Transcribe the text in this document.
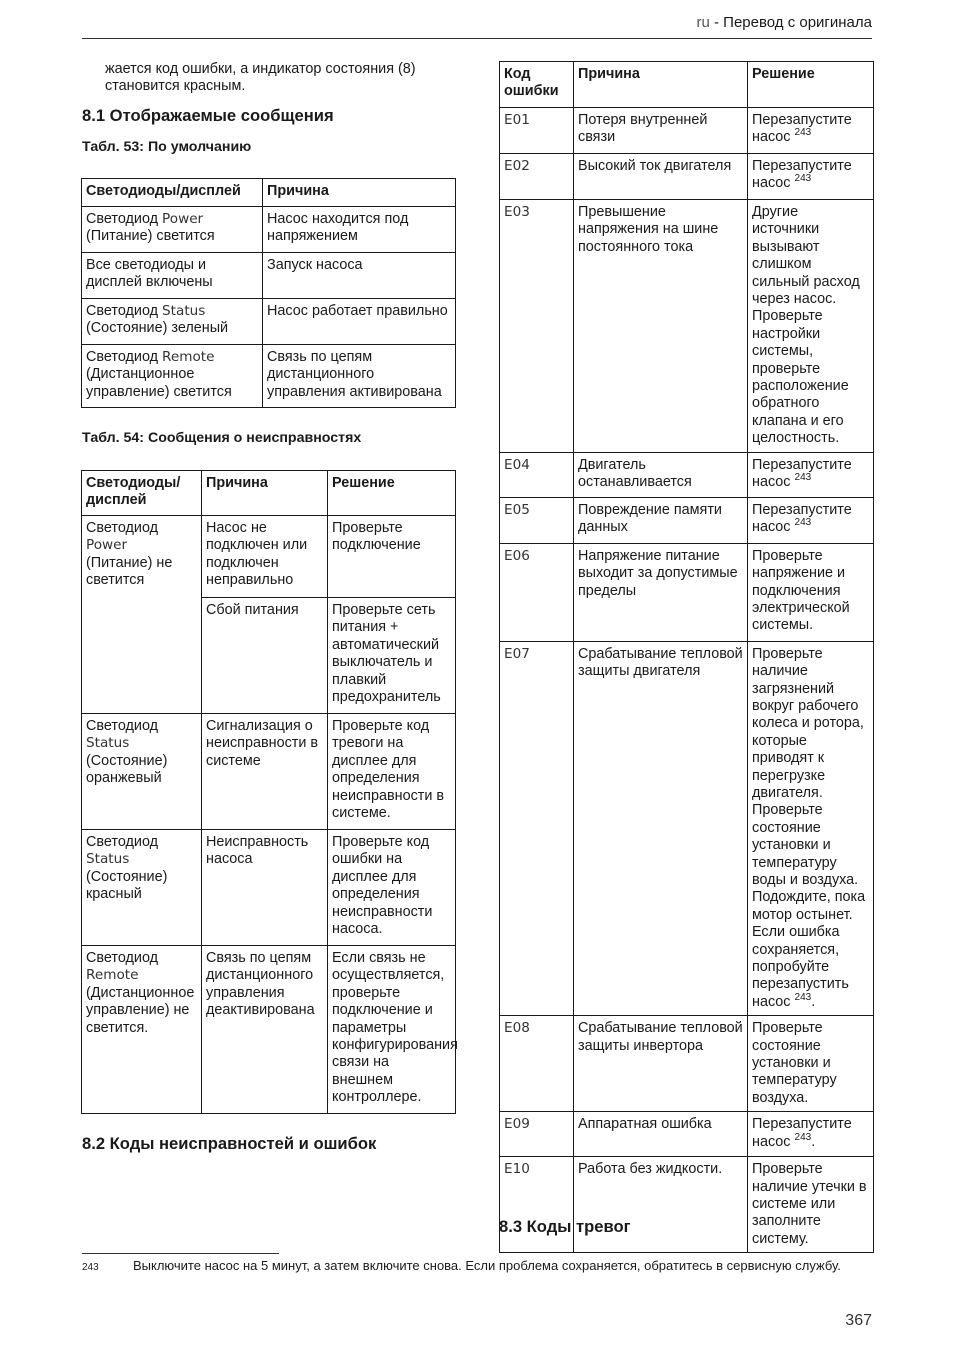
ru - Перевод с оригинала
жается код ошибки, а индикатор состояния (8) становится красным.
8.1 Отображаемые сообщения
Табл. 53: По умолчанию
Светодиоды/дисплей	Причина
Светодиод Power (Питание) светится	Насос находится под напряжением
Все светодиоды и дисплей включены	Запуск насоса
Светодиод Status (Состояние) зеленый	Насос работает правильно
Светодиод Remote (Дистанционное управление) светится	Связь по цепям дистанционного управления активирована
Табл. 54: Сообщения о неисправностях
Светодиоды/ дисплей	Причина	Решение
Светодиод Power (Питание) не светится	Насос не подключен или подключен неправильно	Проверьте подключение
	Сбой питания	Проверьте сеть питания + автоматический выключатель и плавкий предохранитель
Светодиод Status (Состояние) оранжевый	Сигнализация о неисправности в системе	Проверьте код тревоги на дисплее для определения неисправности в системе.
Светодиод Status (Состояние) красный	Неисправность насоса	Проверьте код ошибки на дисплее для определения неисправности насоса.
Светодиод Remote (Дистанционное управление) не светится.	Связь по цепям дистанционного управления деактивирована	Если связь не осуществляется, проверьте подключение и параметры конфигурирования связи на внешнем контроллере.
8.2 Коды неисправностей и ошибок
Код ошибки	Причина	Решение
E01	Потеря внутренней связи	Перезапустите насос $^{243}$
E02	Высокий ток двигателя	Перезапустите насос $^{243}$
E03	Превышение напряжения на шине постоянного тока	Другие источники вызывают слишком сильный расход через насос. Проверьте настройки системы, проверьте расположение обратного клапана и его целостность.
E04	Двигатель останавливается	Перезапустите насос $^{243}$
E05	Повреждение памяти данных	Перезапустите насос $^{243}$
E06	Напряжение питание выходит за допустимые пределы	Проверьте напряжение и подключения электрической системы.
E07	Срабатывание тепловой защиты двигателя	Проверьте наличие загрязнений вокруг рабочего колеса и ротора, которые приводят к перегрузке двигателя. Проверьте состояние установки и температуру воды и воздуха. Подождите, пока мотор остынет. Если ошибка сохраняется, попробуйте перезапустить насос $^{243}$.
E08	Срабатывание тепловой защиты инвертора	Проверьте состояние установки и температуру воздуха.
E09	Аппаратная ошибка	Перезапустите насос $^{243}$.
E10	Работа без жидкости.	Проверьте наличие утечки в системе или заполните систему.
8.3 Коды тревог
243	Выключите насос на 5 минут, а затем включите снова. Если проблема сохраняется, обратитесь в сервисную службу.
367
